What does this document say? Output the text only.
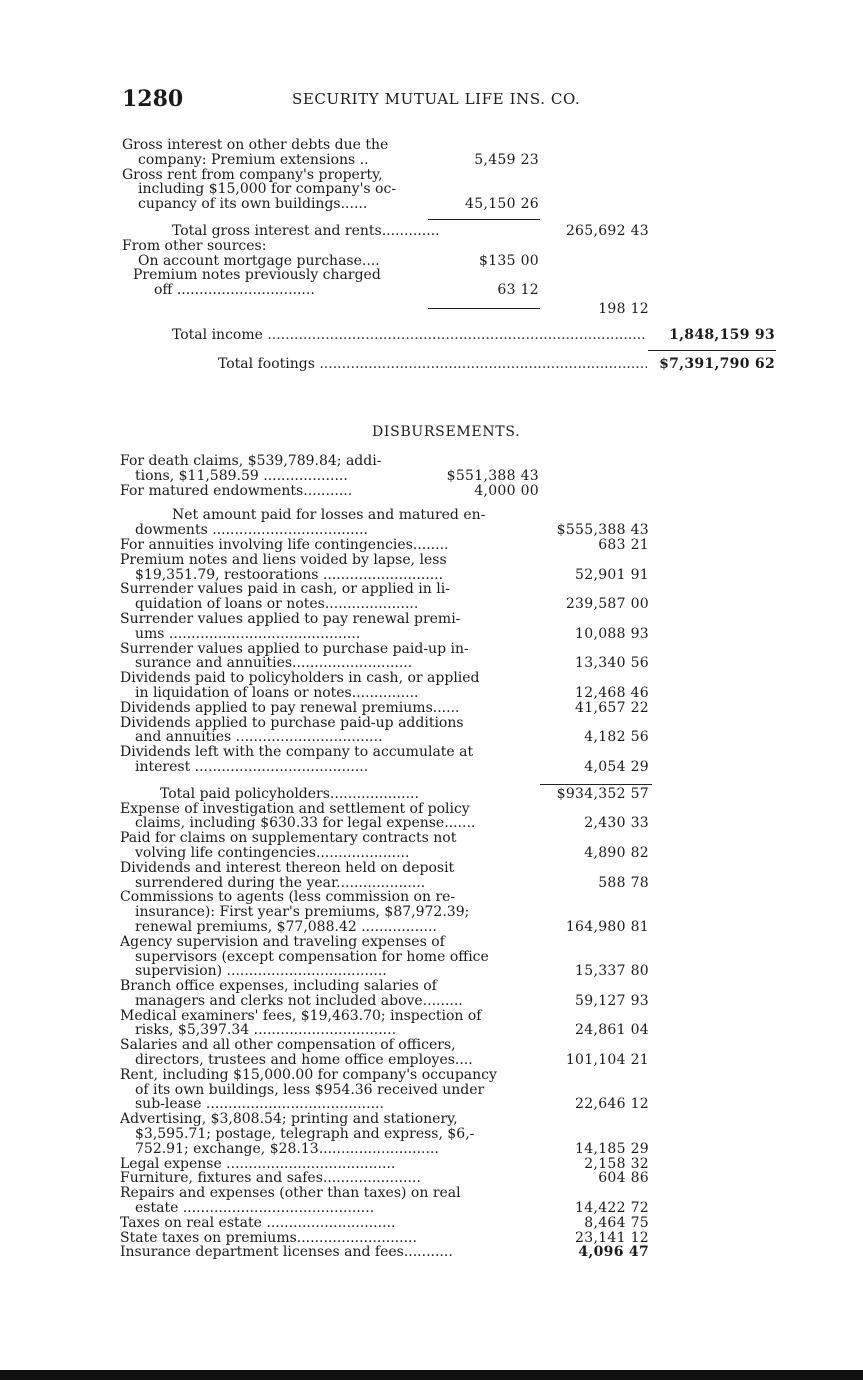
1280	SECURITY MUTUAL LIFE INS. CO.
Gross interest on other debts due the
company: Premium extensions ..	5,459 23
Gross rent from company's property,
including $15,000 for company's oc-
cupancy of its own buildings......	45,150 26
Total gross interest and rents.............	265,692 43
From other sources:
On account mortgage purchase....	$135 00
Premium notes previously charged
off ...............................	63 12
198 12
Total income .....	1,848,159 93
Total footings .....	$7,391,790 62
DISBURSEMENTS.
For death claims, $539,789.84; addi-
tions, $11,589.59 ...................	$551,388 43
For matured endowments...........	4,000 00
Net amount paid for losses and matured en-
dowments ...................................	$555,388 43
For annuities involving life contingencies........	683 21
Premium notes and liens voided by lapse, less
$19,351.79, restoorations ...........................	52,901 91
Surrender values paid in cash, or applied in li-
quidation of loans or notes.....................	239,587 00
Surrender values applied to pay renewal premi-
ums ...........................................	10,088 93
Surrender values applied to purchase paid-up in-
surance and annuities...........................	13,340 56
Dividends paid to policyholders in cash, or applied
in liquidation of loans or notes...............	12,468 46
Dividends applied to pay renewal premiums......	41,657 22
Dividends applied to purchase paid-up additions
and annuities .................................	4,182 56
Dividends left with the company to accumulate at
interest .......................................	4,054 29
Total paid policyholders....................	$934,352 57
Expense of investigation and settlement of policy
claims, including $630.33 for legal expense.......	2,430 33
Paid for claims on supplementary contracts not
volving life contingencies.....................	4,890 82
Dividends and interest thereon held on deposit
surrendered during the year....................	588 78
Commissions to agents (less commission on re-
insurance): First year's premiums, $87,972.39;
renewal premiums, $77,088.42 .................	164,980 81
Agency supervision and traveling expenses of
supervisors (except compensation for home office
supervision) ....................................	15,337 80
Branch office expenses, including salaries of
managers and clerks not included above.........	59,127 93
Medical examiners' fees, $19,463.70; inspection of
risks, $5,397.34 ................................	24,861 04
Salaries and all other compensation of officers,
directors, trustees and home office employes....	101,104 21
Rent, including $15,000.00 for company's occupancy
of its own buildings, less $954.36 received under
sub-lease ........................................	22,646 12
Advertising, $3,808.54; printing and stationery,
$3,595.71; postage, telegraph and express, $6,-
752.91; exchange, $28.13...........................	14,185 29
Legal expense ......................................	2,158 32
Furniture, fixtures and safes......................	604 86
Repairs and expenses (other than taxes) on real
estate ...........................................	14,422 72
Taxes on real estate .............................	8,464 75
State taxes on premiums...........................	23,141 12
Insurance department licenses and fees...........	4,096 47
